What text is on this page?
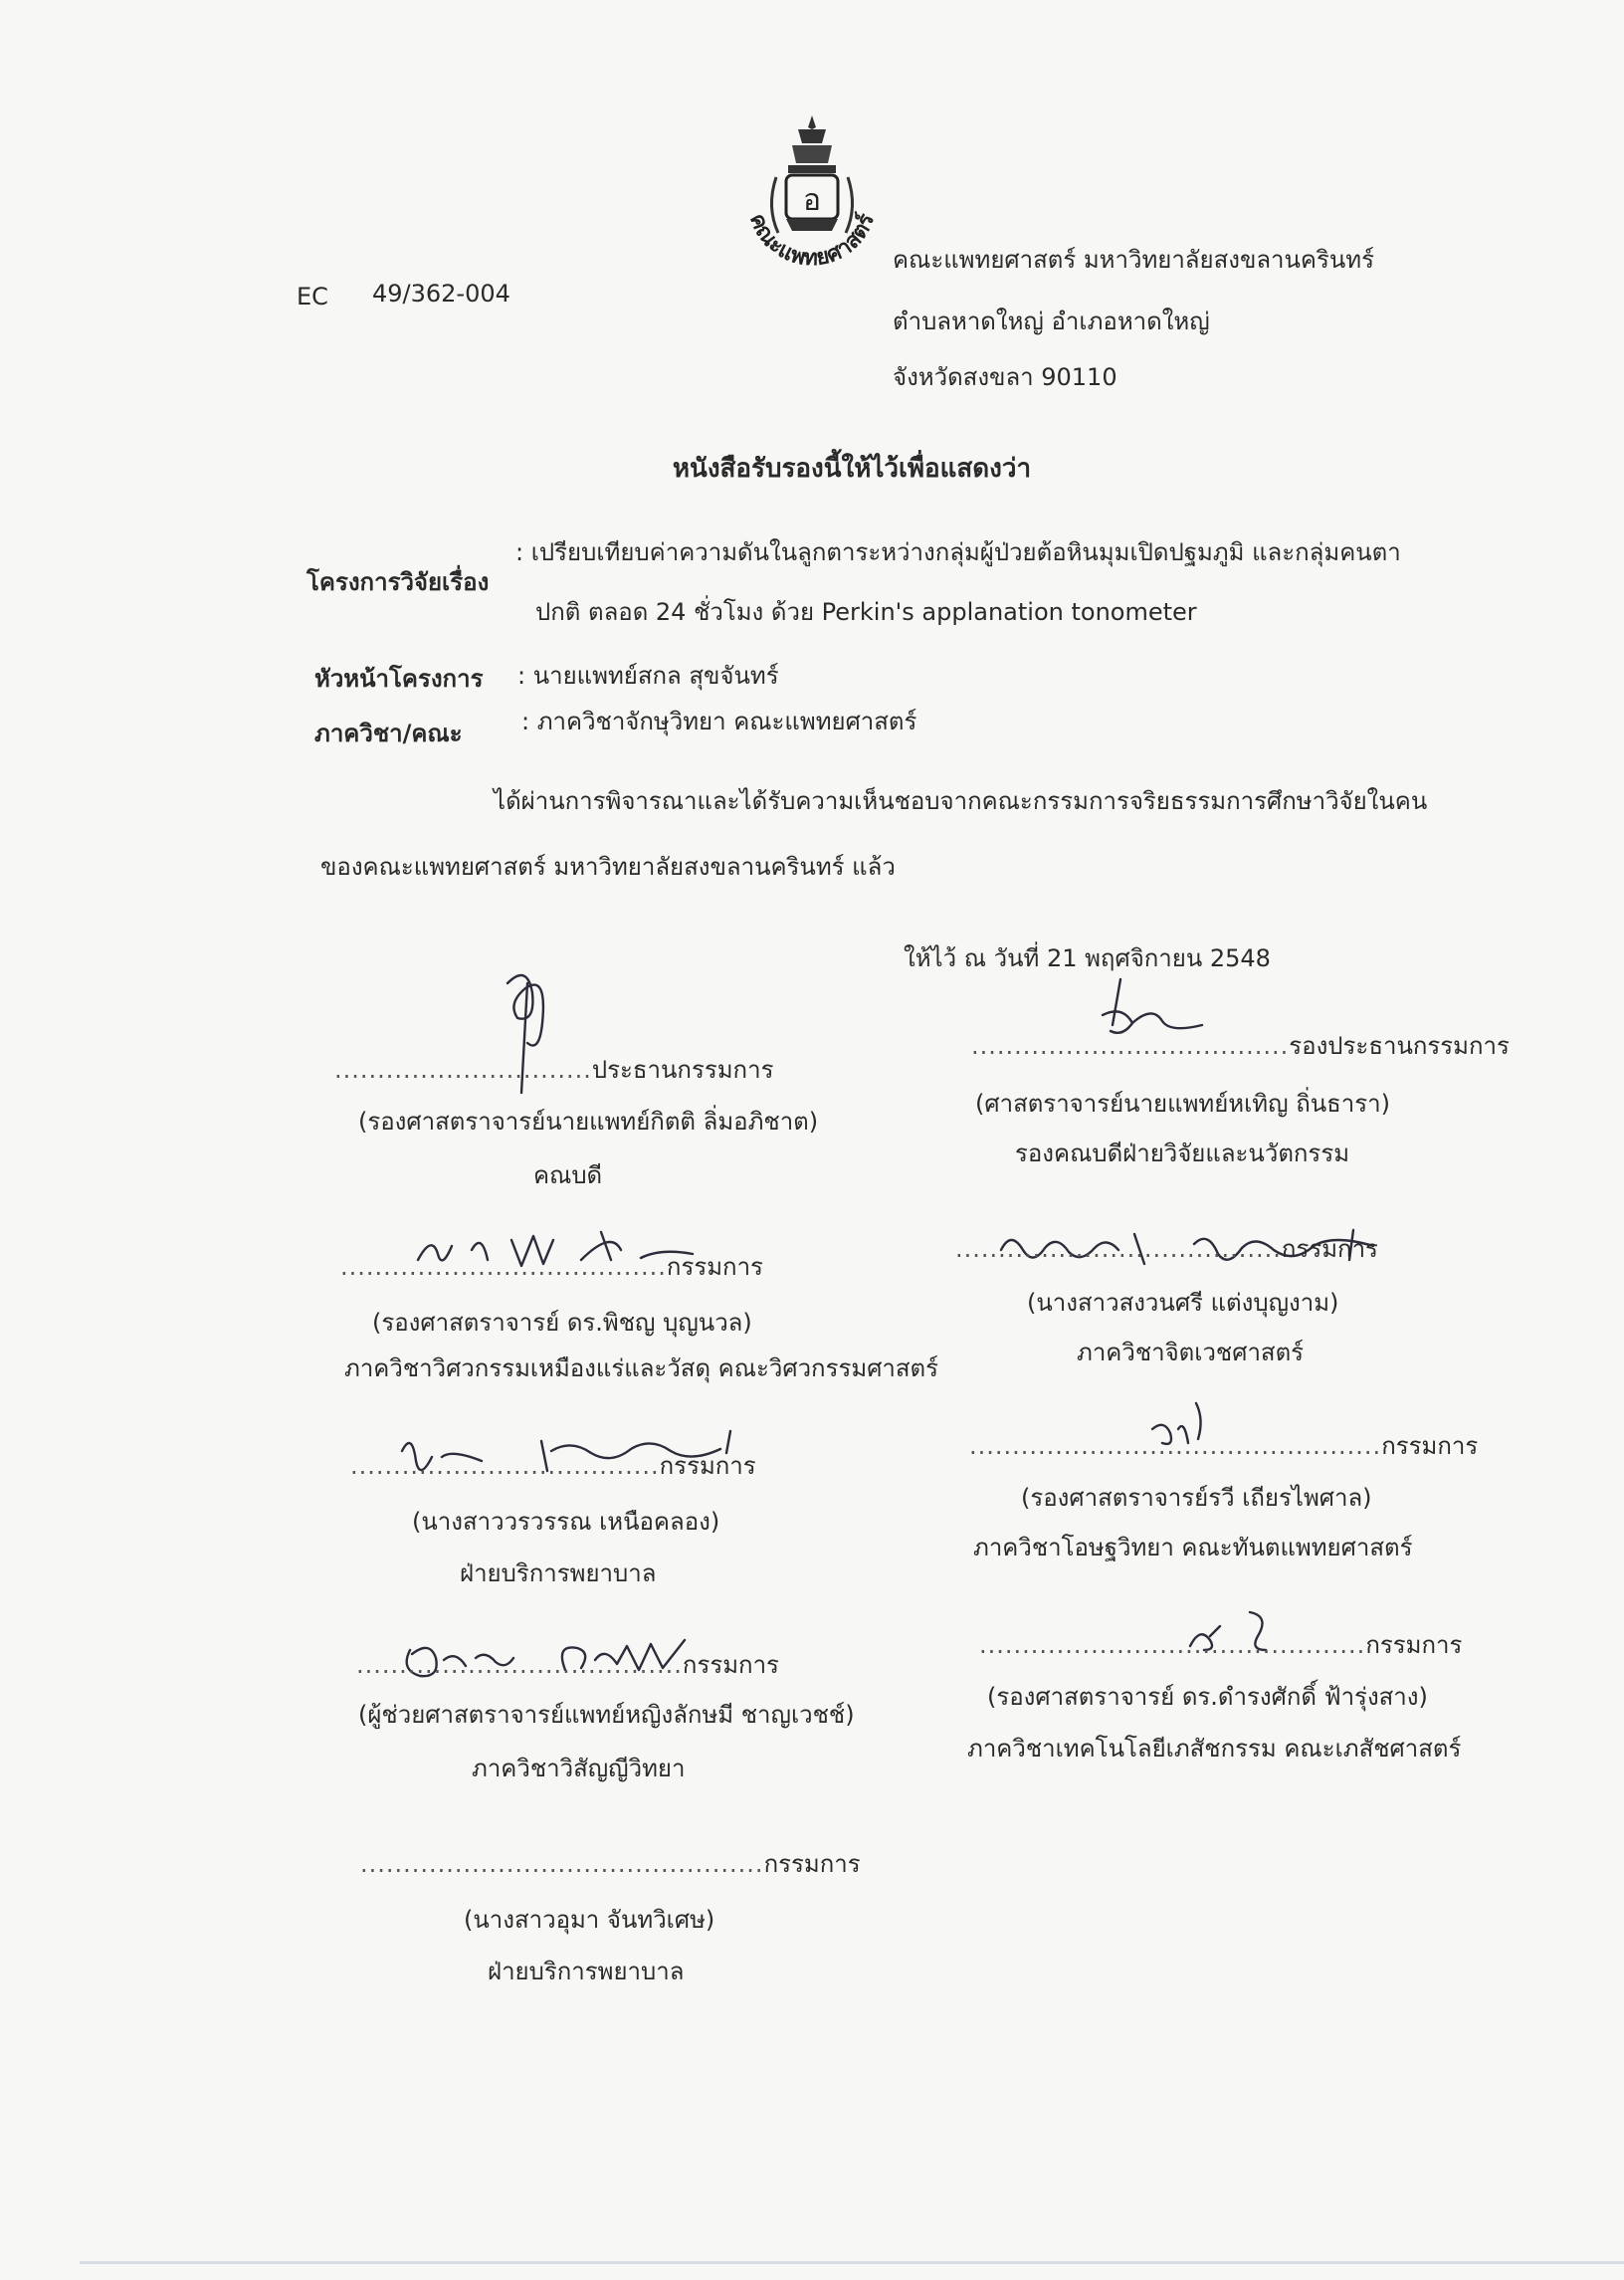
อ
คณะแพทยศาสตร์
EC 49/362-004
คณะแพทยศาสตร์ มหาวิทยาลัยสงขลานครินทร์
ตำบลหาดใหญ่ อำเภอหาดใหญ่
จังหวัดสงขลา 90110
หนังสือรับรองนี้ให้ไว้เพื่อแสดงว่า
โครงการวิจัยเรื่อง
: เปรียบเทียบค่าความดันในลูกตาระหว่างกลุ่มผู้ป่วยต้อหินมุมเปิดปฐมภูมิ และกลุ่มคนตา
ปกติ ตลอด 24 ชั่วโมง ด้วย Perkin's applanation tonometer
หัวหน้าโครงการ : นายแพทย์สกล สุขจันทร์
ภาควิชา/คณะ : ภาควิชาจักษุวิทยา คณะแพทยศาสตร์
ได้ผ่านการพิจารณาและได้รับความเห็นชอบจากคณะกรรมการจริยธรรมการศึกษาวิจัยในคน
ของคณะแพทยศาสตร์ มหาวิทยาลัยสงขลานครินทร์ แล้ว
ให้ไว้ ณ วันที่ 21 พฤศจิกายน 2548
..............................ประธานกรรมการ
(รองศาสตราจารย์นายแพทย์กิตติ ลิ่มอภิชาต)
คณบดี
.....................................รองประธานกรรมการ
(ศาสตราจารย์นายแพทย์หเทิญ ถิ่นธารา)
รองคณบดีฝ่ายวิจัยและนวัตกรรม
......................................กรรมการ
(รองศาสตราจารย์ ดร.พิชญ บุญนวล)
ภาควิชาวิศวกรรมเหมืองแร่และวัสดุ คณะวิศวกรรมศาสตร์
......................................กรรมการ
(นางสาวสงวนศรี แต่งบุญงาม)
ภาควิชาจิตเวชศาสตร์
....................................กรรมการ
(นางสาววรวรรณ เหนือคลอง)
ฝ่ายบริการพยาบาล
................................................กรรมการ
(รองศาสตราจารย์รวี เถียรไพศาล)
ภาควิชาโอษฐวิทยา คณะทันตแพทยศาสตร์
......................................กรรมการ
(ผู้ช่วยศาสตราจารย์แพทย์หญิงลักษมี ชาญเวชช์)
ภาควิชาวิสัญญีวิทยา
.............................................กรรมการ
(รองศาสตราจารย์ ดร.ดำรงศักดิ์ ฟ้ารุ่งสาง)
ภาควิชาเทคโนโลยีเภสัชกรรม คณะเภสัชศาสตร์
...............................................กรรมการ
(นางสาวอุมา จันทวิเศษ)
ฝ่ายบริการพยาบาล
